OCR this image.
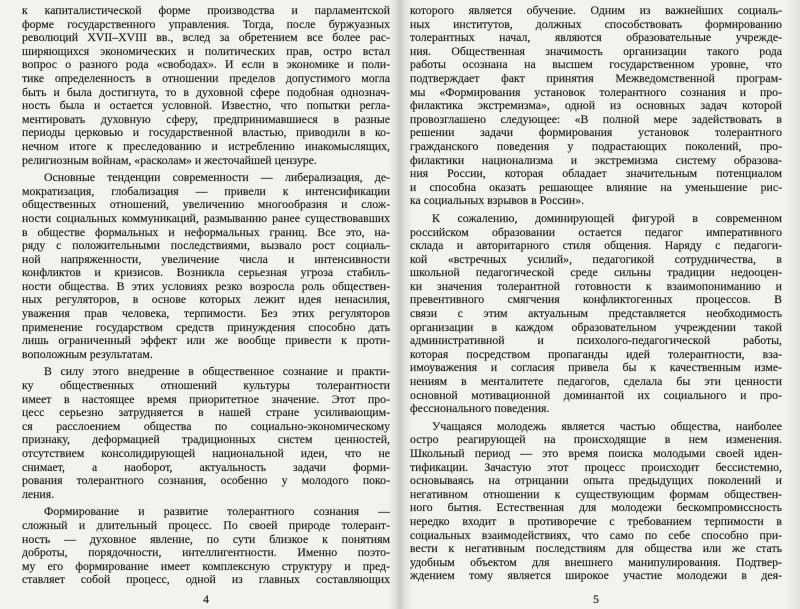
к капиталистической форме производства и парламентской
форме государственного управления. Тогда, после буржуазных
революций XVII–XVIII вв., вслед за обретением все более рас-
ширяющихся экономических и политических прав, остро встал
вопрос о разного рода «свободах». И если в экономике и поли-
тике определенность в отношении пределов допустимого могла
быть и была достигнута, то в духовной сфере подобная однознач-
ность была и остается условной. Известно, что попытки регла-
ментировать духовную сферу, предпринимавшиеся в разные
периоды церковью и государственной властью, приводили в ко-
нечном итоге к преследованию и истреблению инакомыслящих,
религиозным войнам, «расколам» и жесточайшей цензуре.
Основные тенденции современности — либерализация, де-
мократизация, глобализация — привели к интенсификации
общественных отношений, увеличению многообразия и слож-
ности социальных коммуникаций, размыванию ранее существовавших
в обществе формальных и неформальных границ. Все это, на-
ряду с положительными последствиями, вызвало рост социаль-
ной напряженности, увеличение числа и интенсивности
конфликтов и кризисов. Возникла серьезная угроза стабиль-
ности общества. В этих условиях резко возросла роль обществен-
ных регуляторов, в основе которых лежит идея ненасилия,
уважения прав человека, терпимости. Без этих регуляторов
применение государством средств принуждения способно дать
лишь ограниченный эффект или же вообще привести к проти-
воположным результатам.
В силу этого внедрение в общественное сознание и практи-
ку общественных отношений культуры толерантности
имеет в настоящее время приоритетное значение. Этот про-
цесс серьезно затрудняется в нашей стране усиливающим-
ся расслоением общества по социально-экономическому
признаку, деформацией традиционных систем ценностей,
отсутствием консолидирующей национальной идеи, что не
снимает, а наоборот, актуальность задачи форми-
рования толерантного сознания, особенно у молодого поко-
ления.
Формирование и развитие толерантного сознания —
сложный и длительный процесс. По своей природе толерант-
ность — духовное явление, по сути близкое к понятиям
доброты, порядочности, интеллигентности. Именно поэто-
му его формирование имеет комплексную структуру и пред-
ставляет собой процесс, одной из главных составляющих
4
которого является обучение. Одним из важнейших социаль-
ных институтов, должных способствовать формированию
толерантных начал, являются образовательные учрежде-
ния. Общественная значимость организации такого рода
работы осознана на высшем государственном уровне, что
подтверждает факт принятия Межведомственной програм-
мы «Формирования установок толерантного сознания и про-
филактика экстремизма», одной из основных задач которой
провозглашено следующее: «В полной мере задействовать в
решении задачи формирования установок толерантного
гражданского поведения у подрастающих поколений, про-
филактики национализма и экстремизма систему образова-
ния России, которая обладает значительным потенциалом
и способна оказать решающее влияние на уменьшение рис-
ка социальных взрывов в России».
К сожалению, доминирующей фигурой в современном
российском образовании остается педагог императивного
склада и авторитарного стиля общения. Наряду с педагоги-
кой «встречных усилий», педагогикой сотрудничества, в
школьной педагогической среде сильны традиции недооцен-
ки значения толерантной готовности к взаимопониманию и
превентивного смягчения конфликтогенных процессов. В
связи с этим актуальным представляется необходимость
организации в каждом образовательном учреждении такой
административной и психолого-педагогической работы,
которая посредством пропаганды идей толерантности, вза-
имоуважения и согласия привела бы к качественным изме-
нениям в менталитете педагогов, сделала бы эти ценности
основной мотивационной доминантой их социального и про-
фессионального поведения.
Учащаяся молодежь является частью общества, наиболее
остро реагирующей на происходящие в нем изменения.
Школьный период — это время поиска молодыми своей иден-
тификации. Зачастую этот процесс происходит бессистемно,
основываясь на отрицании опыта предыдущих поколений и
негативном отношении к существующим формам обществен-
ного бытия. Естественная для молодежи бескомпромиссность
нередко входит в противоречие с требованием терпимости в
социальных взаимодействиях, что само по себе способно при-
вести к негативным последствиям для общества или же стать
удобным объектом для внешнего манипулирования. Подтвер-
ждением тому является широкое участие молодежи в дея-
5
